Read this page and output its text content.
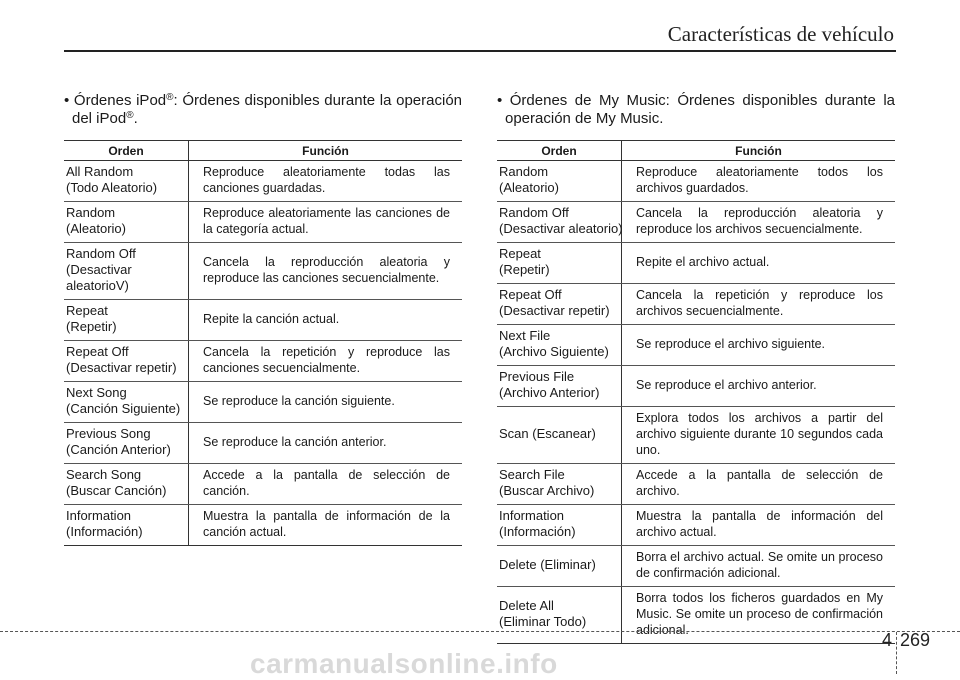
Características de vehículo

• Órdenes iPod®: Órdenes disponibles durante la operación del iPod®.

Orden	Función

All Random
(Todo Aleatorio)	Reproduce aleatoriamente todas las canciones guardadas.

Random
(Aleatorio)	Reproduce aleatoriamente las canciones de la categoría actual.

Random Off
(Desactivar
aleatorioV)	Cancela la reproducción aleatoria y reproduce las canciones secuencialmente.

Repeat
(Repetir)	Repite la canción actual.

Repeat Off
(Desactivar repetir)	Cancela la repetición y reproduce las canciones secuencialmente.

Next Song
(Canción Siguiente)	Se reproduce la canción siguiente.

Previous Song
(Canción Anterior)	Se reproduce la canción anterior.

Search Song
(Buscar Canción)	Accede a la pantalla de selección de canción.

Information
(Información)	Muestra la pantalla de información de la canción actual.

• Órdenes de My Music: Órdenes disponibles durante la operación de My Music.

Orden	Función

Random
(Aleatorio)	Reproduce aleatoriamente todos los archivos guardados.

Random Off
(Desactivar aleatorio)	Cancela la reproducción aleatoria y reproduce los archivos secuencialmente.

Repeat
(Repetir)	Repite el archivo actual.

Repeat Off
(Desactivar repetir)	Cancela la repetición y reproduce los archivos secuencialmente.

Next File
(Archivo Siguiente)	Se reproduce el archivo siguiente.

Previous File
(Archivo Anterior)	Se reproduce el archivo anterior.

Scan (Escanear)	Explora todos los archivos a partir del archivo siguiente durante 10 segundos cada uno.

Search File
(Buscar Archivo)	Accede a la pantalla de selección de archivo.

Information
(Información)	Muestra la pantalla de información del archivo actual.

Delete (Eliminar)	Borra el archivo actual. Se omite un proceso de confirmación adicional.

Delete All
(Eliminar Todo)	Borra todos los ficheros guardados en My Music. Se omite un proceso de confirmación adicional.	4 269
carmanualsonline.info
